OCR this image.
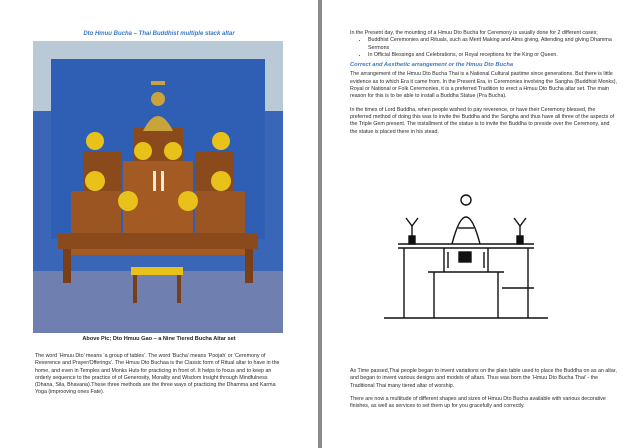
Dto Hmuu Bucha – Thai Buddhist multiple stack altar
Above Pic; Dto Hmuu Gao – a Nine Tiered Bucha Altar set

The word ‘Hmuu Dto’ means ‘a group of tables’. The word ‘Bucha’ means ‘Poojah’ or ‘Ceremony of Reverence and Prayer/Offerings’. The Hmuu Dto Buchaa is the Classic form of Ritual altar to have in the home, and even in Temples and Monks Huts for practicing in front of. It helps to focus and to keep an orderly sequence to the practice of of Generosity, Morality and Wisdom Insight through Mindfulness (Dhana, Sila, Bhavana).These three methods are the three ways of practicing the Dhamma and Karma Yoga (improoving ones Fate).

In the Present day, the mounting of a Hmuu Dto Bucha for Ceremony is usually done for 2 different cases;

• Buddhist Ceremonies and Rituals, such as Merit Making and Alms giving, Attending and giving Dhamma Sermons
• In Official Blessings and Celebrations, or Royal receptions for the King or Queen.
Correct and Aesthetic arrangement or the Hmuu Dto Bucha

The arrangement of the Hmuu Dto Bucha Thai is a National Cultural pastime since generations. But there is little evidence as to which Era it came from. In the Present Era, in Ceremonies involving the Sangha (Buddhist Monks), Royal or National or Folk Ceremonies, it is a preferred Tradition to erect a Hmuu Dto Bucha altar set. The main reason for this is to be able to install a Buddha Statue (Pra Bucha).

In the times of Lord Buddha, when people wished to pay reverence, or have their Ceremony blessed, the preferred method of doing this was to invite the Buddha and the Sangha and thus have all three of the aspects of the Triple Gem present. The installment of the statue is to invite the Buddha to preside over the Ceremony, and the statue is placed there in his stead.

As Time passed,Thai people began to invent variations on the plain table used to place the Buddha on as an altar, and began to invent various designs and models of altars. Thus was born the ‘Hmuu Dto Bucha Thai’ - the Traditional Thai many tiered altar of worship.

There are now a multitude of different shapes and sizes of Hmuu Dto Bucha available with various decorative finishes, as well as services to set them up for you gracefully and correctly.
